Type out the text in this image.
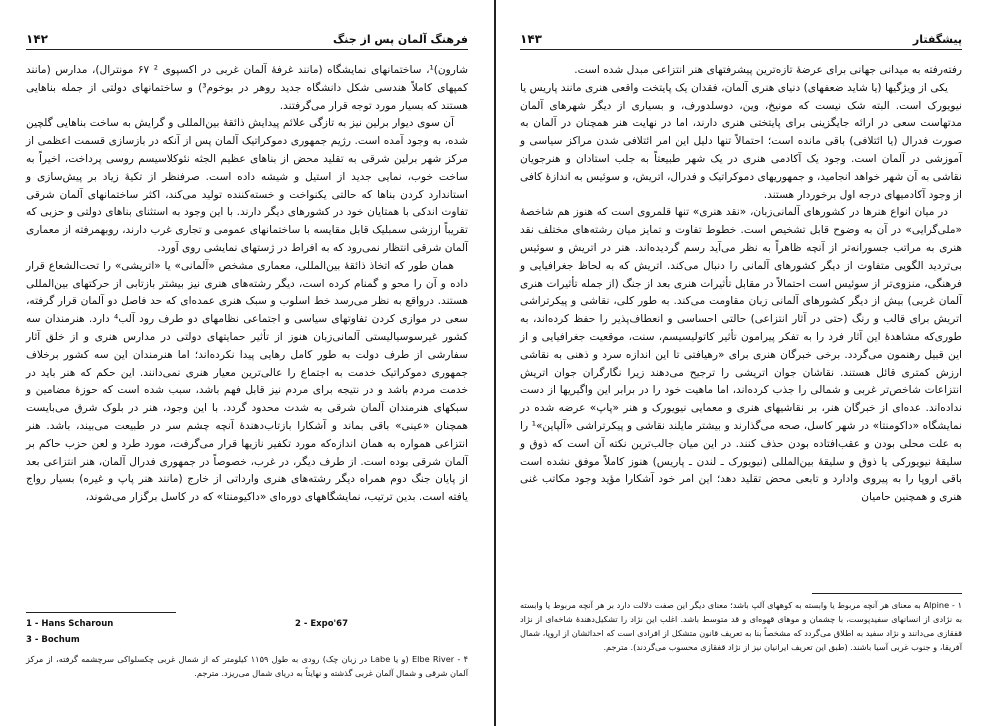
فرهنگ آلمان پس از جنگ
۱۴۲

شارون)¹، ساختمانهای نمایشگاه (مانند غرفۀ آلمان غربی در اکسپوی ² ۶۷ مونترال)، مدارس (مانند کمپهای کاملاً هندسی شکل دانشگاه جدید روهر در بوخوم³) و ساختمانهای دولتی از جمله بناهایی هستند که بسیار مورد توجه قرار می‌گرفتند.

آن سوی دیوار برلین نیز به تازگی علائم پیدایش ذائقۀ بین‌المللی و گرایش به ساخت بناهایی گلچین شده، به وجود آمده است. رژیم جمهوری دموکراتیک آلمان پس از آنکه در بازسازی قسمت اعظمی از مرکز شهر برلین شرقی به تقلید محض از بناهای عظیم الجثه نئوکلاسیسم روسی پرداخت، اخیراً به ساخت خوب، نمایی جدید از استیل و شیشه داده است. صرفنظر از تکیۀ زیاد بر پیش‌سازی و استاندارد کردن بناها که حالتی یکنواخت و خسته‌کننده تولید می‌کند، اکثر ساختمانهای آلمان شرقی تفاوت اندکی با همتایان خود در کشورهای دیگر دارند. با این وجود به استثنای بناهای دولتی و حزبی که تقریباً ارزشی سمبلیک قابل مقایسه با ساختمانهای عمومی و تجاری غرب دارند، روبهمرفته از معماری آلمان شرقی انتظار نمی‌رود که به افراط در ژستهای نمایشی روی آورد.

همان طور که اتخاذ ذائقۀ بین‌المللی، معماری مشخص «آلمانی» یا «اتریشی» را تحت‌الشعاع قرار داده و آن را محو و گمنام کرده است، دیگر رشته‌های هنری نیز بیشتر بازتابی از حرکتهای بین‌المللی هستند. درواقع به نظر می‌رسد خط اسلوب و سبک هنری عمده‌ای که حد فاصل دو آلمان قرار گرفته، سعی در موازی کردن تفاوتهای سیاسی و اجتماعی نظامهای دو طرف رود آلب⁴ دارد. هنرمندان سه کشور غیرسوسیالیستی آلمانی‌زبان هنوز از تأثیر حمایتهای دولتی در مدارس هنری و از خلق آثار سفارشی از طرف دولت به طور کامل رهایی پیدا نکرده‌اند؛ اما هنرمندان این سه کشور برخلاف جمهوری دموکراتیک خدمت به اجتماع را عالی‌ترین معیار هنری نمی‌دانند. این حکم که هنر باید در خدمت مردم باشد و در نتیجه برای مردم نیز قابل فهم باشد، سبب شده است که حوزۀ مضامین و سبکهای هنرمندان آلمان شرقی به شدت محدود گردد. با این وجود، هنر در بلوک شرق می‌بایست همچنان «عینی» باقی بماند و آشکارا بازتاب‌دهندۀ آنچه چشم سر در طبیعت می‌بیند، باشد. هنر انتزاعی همواره به همان اندازه‌که مورد تکفیر نازیها قرار می‌گرفت، مورد طرد و لعن حزب حاکم بر آلمان شرقی بوده است. از طرف دیگر، در غرب، خصوصاً در جمهوری فدرال آلمان، هنر انتزاعی بعد از پایان جنگ دوم همراه دیگر رشته‌های هنری وارداتی از خارج (مانند هنر پاپ و غیره) بسیار رواج یافته است. بدین ترتیب، نمایشگاههای دوره‌ای «داکیومنتا» که در کاسل برگزار می‌شوند،

1 - Hans Scharoun	2 - Expo'67
3 - Bochum

۴ - Elbe River (و یا Labe در زبان چک) رودی به طول ۱۱۵۹ کیلومتر که از شمال غربی چکسلواکی سرچشمه گرفته، از مرکز آلمان شرقی و شمال آلمان غربی گذشته و نهایتاً به دریای شمال می‌ریزد. مترجم.

پیشگفتار
۱۴۳

رفته‌رفته به میدانی جهانی برای عرضۀ تازه‌ترین پیشرفتهای هنر انتزاعی مبدل شده است.

یکی از ویژگیها (یا شاید ضعفهای) دنیای هنری آلمان، فقدان یک پایتخت واقعی هنری مانند پاریس یا نیویورک است. البته شک نیست که مونیخ، وین، دوسلدورف، و بسیاری از دیگر شهرهای آلمان مدتهاست سعی در ارائه جایگزینی برای پایتختی هنری دارند، اما در نهایت هنر همچنان در آلمان به صورت فدرال (یا ائتلافی) باقی مانده است؛ احتمالاً تنها دلیل این امر ائتلافی شدن مراکز سیاسی و آموزشی در آلمان است. وجود یک آکادمی هنری در یک شهر طبیعتاً به جلب استادان و هنرجویان نقاشی به آن شهر خواهد انجامید، و جمهوریهای دموکراتیک و فدرال، اتریش، و سوئیس به اندازۀ کافی از وجود آکادمیهای درجه اول برخوردار هستند.

در میان انواع هنرها در کشورهای آلمانی‌زبان، «نقد هنری» تنها قلمروی است که هنوز هم شاخصۀ «ملی‌گرایی» در آن به وضوح قابل تشخیص است. خطوط تفاوت و تمایز میان رشته‌های مختلف نقد هنری به مراتب جسورانه‌تر از آنچه ظاهراً به نظر می‌آید رسم گردیده‌اند. هنر در اتریش و سوئیس بی‌تردید الگویی متفاوت از دیگر کشورهای آلمانی را دنبال می‌کند. اتریش که به لحاظ جغرافیایی و فرهنگی، منزوی‌تر از سوئیس است احتمالاً در مقابل تأثیرات هنری بعد از جنگ (از جمله تأثیرات هنری آلمان غربی) بیش از دیگر کشورهای آلمانی زبان مقاومت می‌کند. به طور کلی، نقاشی و پیکرتراشی اتریش برای قالب و رنگ (حتی در آثار انتزاعی) حالتی احساسی و انعطاف‌پذیر را حفظ کرده‌اند، به طوری‌که مشاهدۀ این آثار فرد را به تفکر پیرامون تأثیر کاتولیسیسم، سنت، موقعیت جغرافیایی و از این قبیل رهنمون می‌گردد. برخی خبرگان هنری برای «رهیافتی تا این اندازه سرد و ذهنی به نقاشی ارزش کمتری قائل هستند. نقاشان جوان اتریشی را ترجیح می‌دهند زیرا نگارگران جوان اتریش انتزاعات شاخص‌تر غربی و شمالی را جذب کرده‌اند، اما ماهیت خود را در برابر این واگیریها از دست نداده‌اند. عده‌ای از خبرگان هنر، بر نقاشیهای هنری و معمایی نیویورک و هنر «پاپ» عرضه شده در نمایشگاه «داکومنتا» در شهر کاسل، صحه می‌گذارند و بیشتر مایلند نقاشی و پیکرتراشی «آلپاین»¹ را به علت محلی بودن و عقب‌افتاده بودن حذف کنند. در این میان جالب‌ترین نکته آن است که ذوق و سلیقۀ نیویورکی یا ذوق و سلیقۀ بین‌المللی (نیویورک ـ لندن ـ پاریس) هنوز کاملاً موفق نشده است باقی اروپا را به پیروی وادارد و تابعی محض تقلید دهد؛ این امر خود آشکارا مؤید وجود مکاتب غنی هنری و همچنین حامیان

۱ - Alpine به معنای هر آنچه مربوط یا وابسته به کوههای آلپ باشد؛ معنای دیگر این صفت دلالت دارد بر هر آنچه مربوط یا وابسته به نژادی از انسانهای سفیدپوست، با چشمان و موهای قهوه‌ای و قد متوسط باشد. اغلب این نژاد را تشکیل‌دهندۀ شاخه‌ای از نژاد قفقازی می‌دانند و نژاد سفید به اطلاق می‌گردد که مشخصاً بنا به تعریف قانون متشکل از افرادی است که احداثشان از اروپا، شمال آفریقا، و جنوب غربی آسیا باشند. (طبق این تعریف ایرانیان نیز از نژاد قفقازی محسوب می‌گردند). مترجم.
